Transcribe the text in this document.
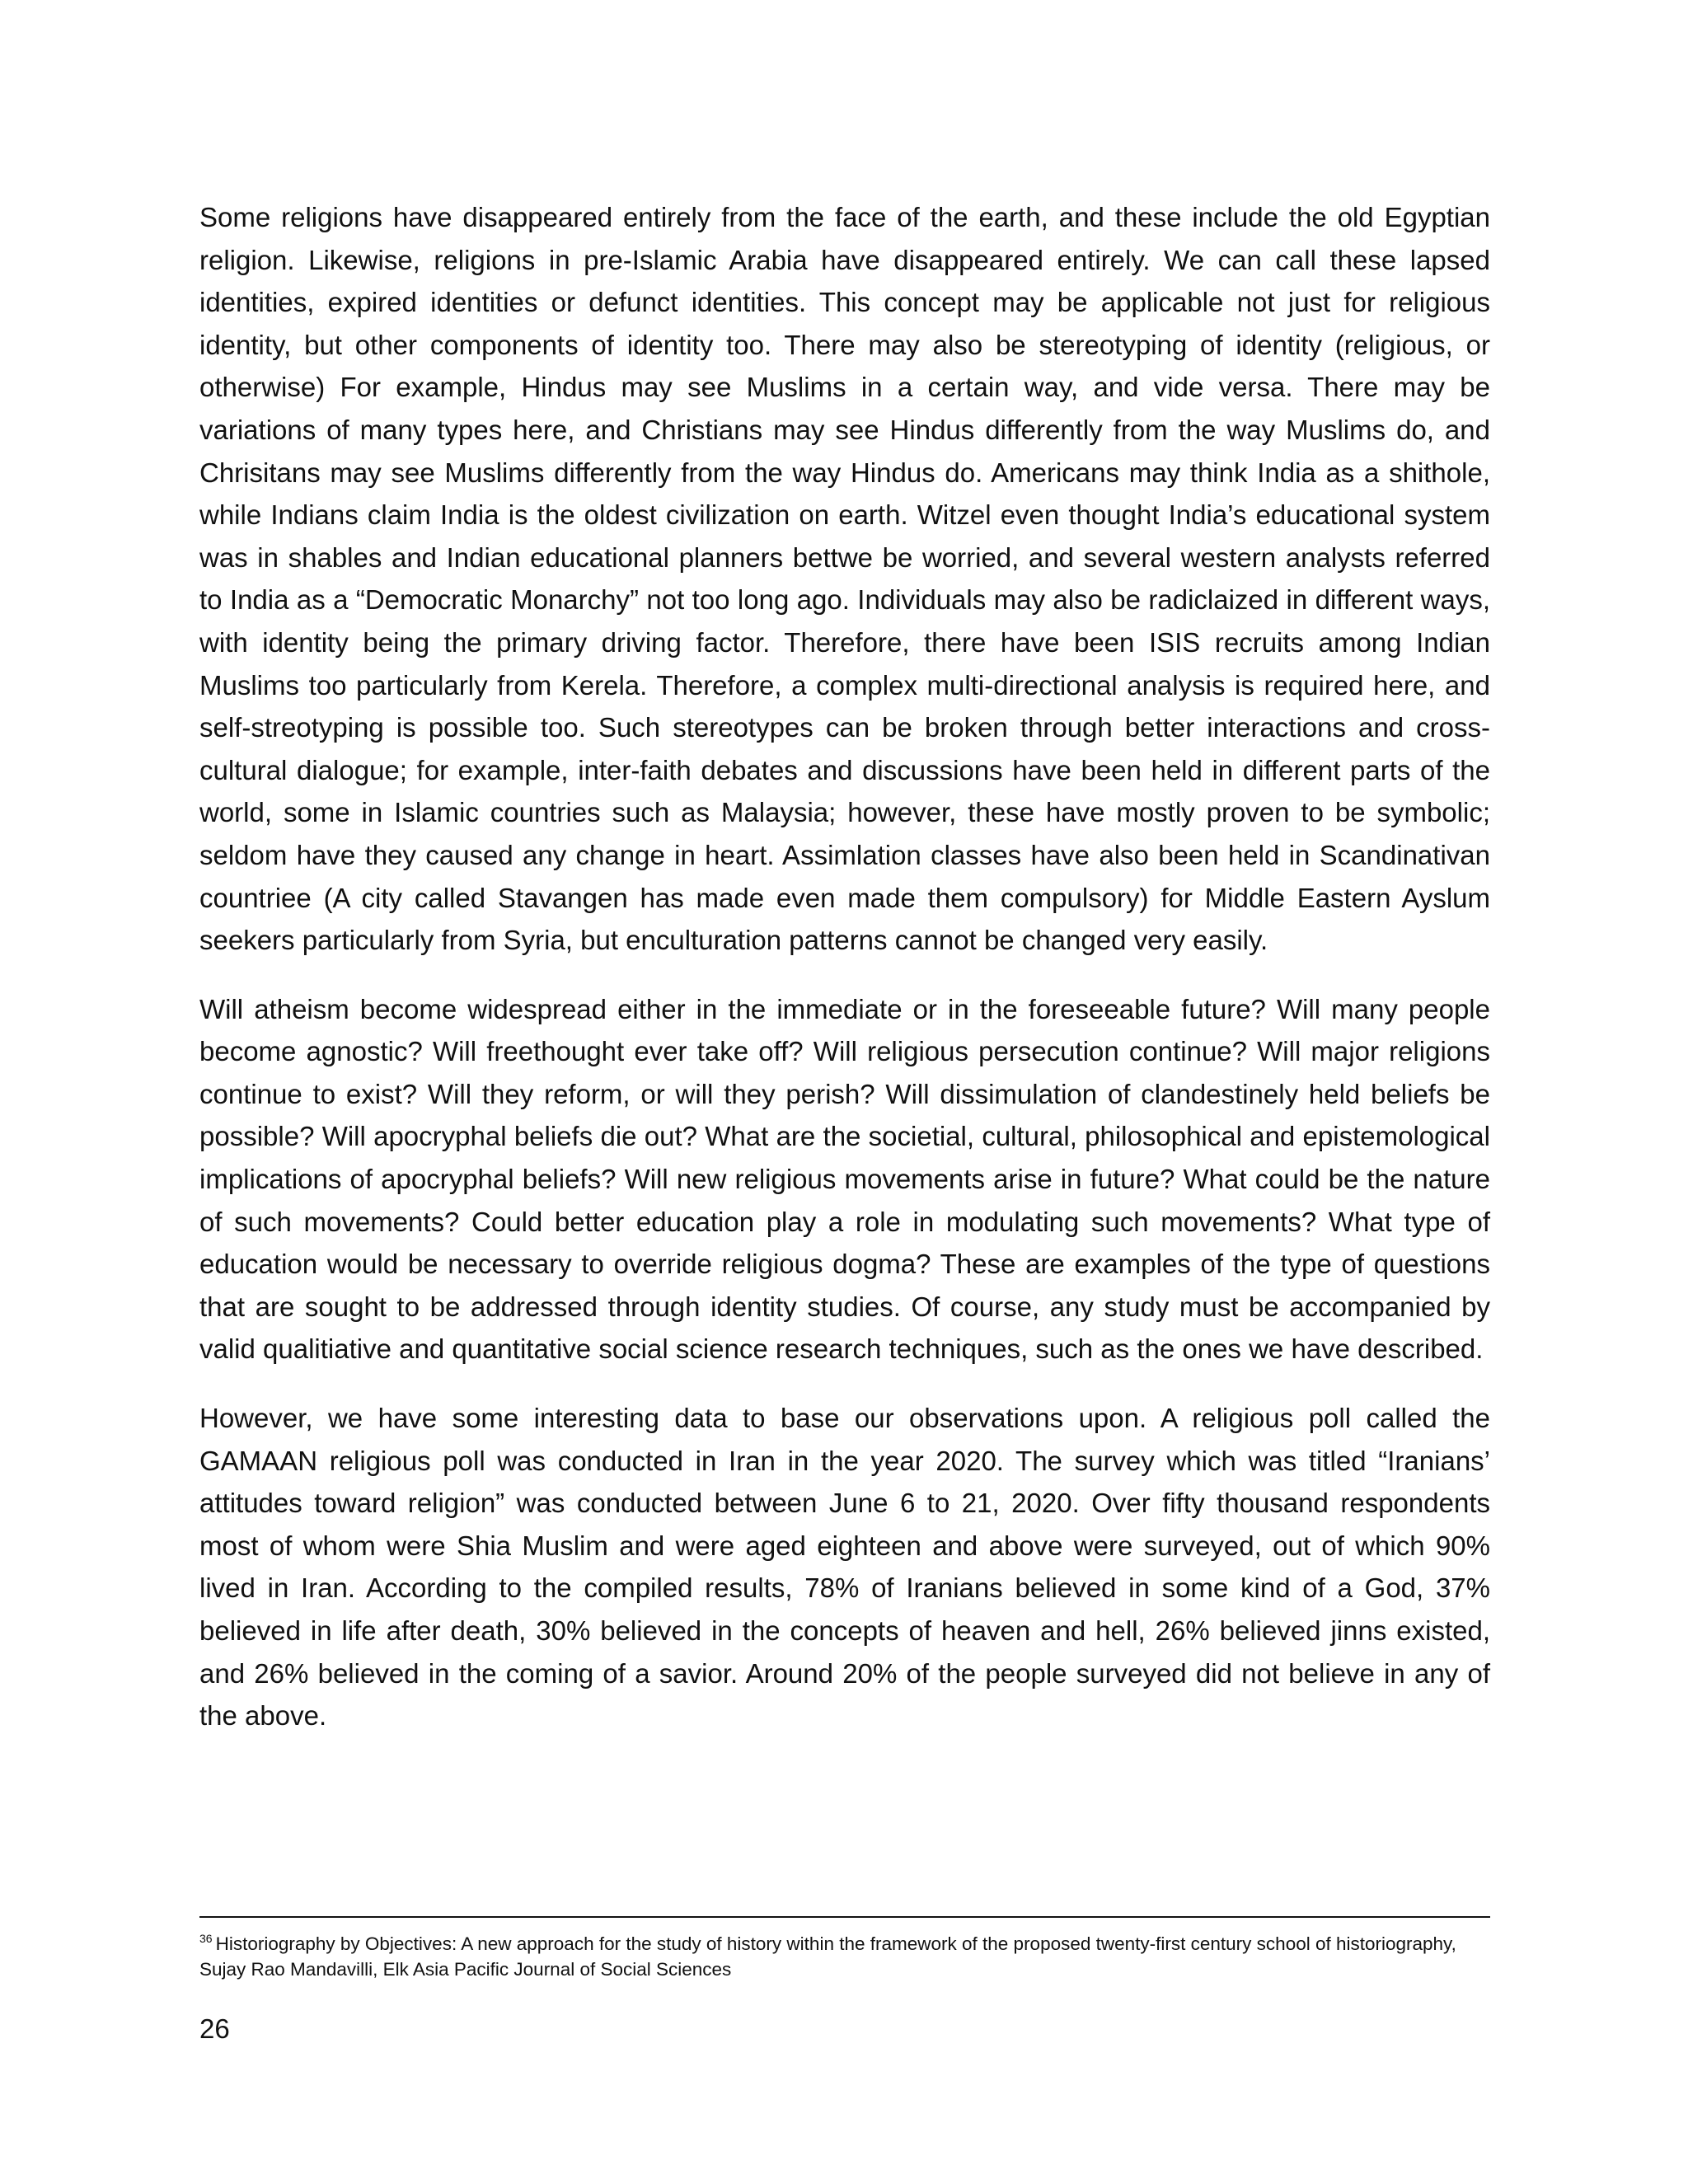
Some religions have disappeared entirely from the face of the earth, and these include the old Egyptian religion. Likewise, religions in pre-Islamic Arabia have disappeared entirely. We can call these lapsed identities, expired identities or defunct identities. This concept may be applicable not just for religious identity, but other components of identity too. There may also be stereotyping of identity (religious, or otherwise) For example, Hindus may see Muslims in a certain way, and vide versa. There may be variations of many types here, and Christians may see Hindus differently from the way Muslims do, and Chrisitans may see Muslims differently from the way Hindus do. Americans may think India as a shithole, while Indians claim India is the oldest civilization on earth. Witzel even thought India’s educational system was in shables and Indian educational planners bettwe be worried, and several western analysts referred to India as a “Democratic Monarchy” not too long ago. Individuals may also be radiclaized in different ways, with identity being the primary driving factor. Therefore, there have been ISIS recruits among Indian Muslims too particularly from Kerela. Therefore, a complex multi-directional analysis is required here, and self-streotyping is possible too. Such stereotypes can be broken through better interactions and cross-cultural dialogue; for example, inter-faith debates and discussions have been held in different parts of the world, some in Islamic countries such as Malaysia; however, these have mostly proven to be symbolic; seldom have they caused any change in heart. Assimlation classes have also been held in Scandinativan countriee (A city called Stavangen has made even made them compulsory) for Middle Eastern Ayslum seekers particularly from Syria, but enculturation patterns cannot be changed very easily.

Will atheism become widespread either in the immediate or in the foreseeable future? Will many people become agnostic? Will freethought ever take off? Will religious persecution continue? Will major religions continue to exist? Will they reform, or will they perish? Will dissimulation of clandestinely held beliefs be possible? Will apocryphal beliefs die out? What are the societial, cultural, philosophical and epistemological implications of apocryphal beliefs? Will new religious movements arise in future? What could be the nature of such movements? Could better education play a role in modulating such movements? What type of education would be necessary to override religious dogma? These are examples of the type of questions that are sought to be addressed through identity studies. Of course, any study must be accompanied by valid qualitiative and quantitative social science research techniques, such as the ones we have described.

However, we have some interesting data to base our observations upon. A religious poll called the GAMAAN religious poll was conducted in Iran in the year 2020. The survey which was titled “Iranians’ attitudes toward religion” was conducted between June 6 to 21, 2020. Over fifty thousand respondents most of whom were Shia Muslim and were aged eighteen and above were surveyed, out of which 90% lived in Iran. According to the compiled results, 78% of Iranians believed in some kind of a God, 37% believed in life after death, 30% believed in the concepts of heaven and hell, 26% believed jinns existed, and 26% believed in the coming of a savior. Around 20% of the people surveyed did not believe in any of the above.

$^{36}$ Historiography by Objectives: A new approach for the study of history within the framework of the proposed twenty-first century school of historiography, Sujay Rao Mandavilli, Elk Asia Pacific Journal of Social Sciences

26
